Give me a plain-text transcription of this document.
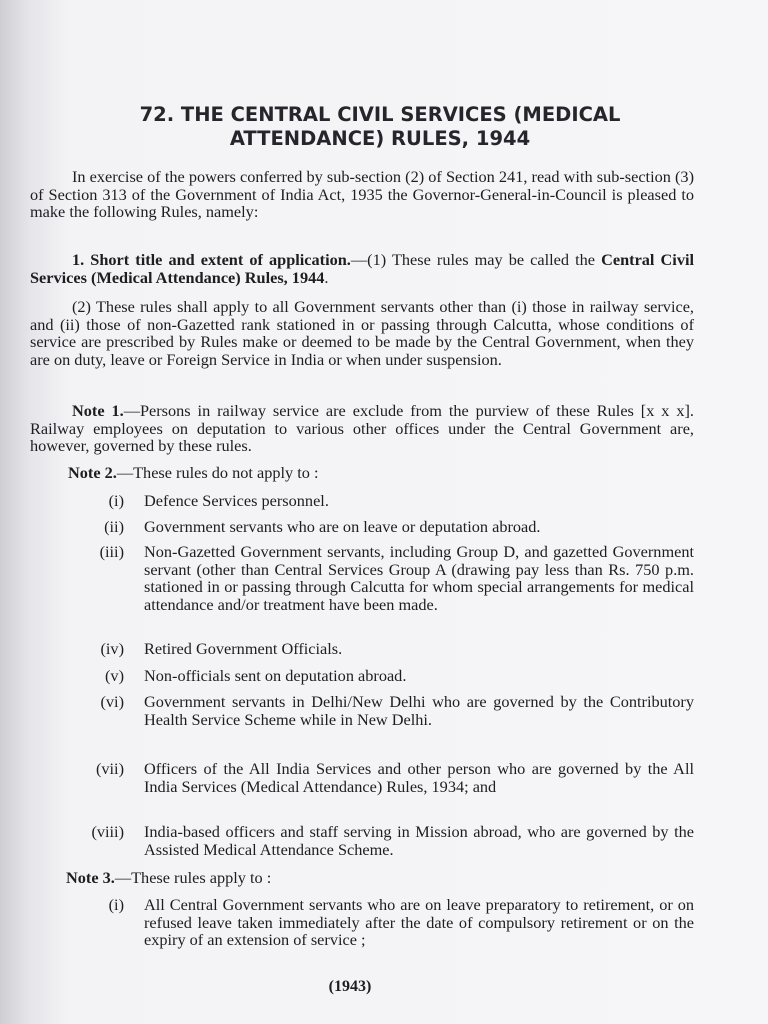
72. THE CENTRAL CIVIL SERVICES (MEDICAL
ATTENDANCE) RULES, 1944

In exercise of the powers conferred by sub-section (2) of Section 241, read with sub-section (3) of Section 313 of the Government of India Act, 1935 the Governor-General-in-Council is pleased to make the following Rules, namely:

1. Short title and extent of application.—(1) These rules may be called the Central Civil Services (Medical Attendance) Rules, 1944.

(2) These rules shall apply to all Government servants other than (i) those in railway service, and (ii) those of non-Gazetted rank stationed in or passing through Calcutta, whose conditions of service are prescribed by Rules make or deemed to be made by the Central Government, when they are on duty, leave or Foreign Service in India or when under suspension.

Note 1.—Persons in railway service are exclude from the purview of these Rules [x x x]. Railway employees on deputation to various other offices under the Central Government are, however, governed by these rules.

Note 2.—These rules do not apply to :

(i) Defence Services personnel.
(ii) Government servants who are on leave or deputation abroad.
(iii) Non-Gazetted Government servants, including Group D, and gazetted Government servant (other than Central Services Group A (drawing pay less than Rs. 750 p.m. stationed in or passing through Calcutta for whom special arrangements for medical attendance and/or treatment have been made.
(iv) Retired Government Officials.
(v) Non-officials sent on deputation abroad.
(vi) Government servants in Delhi/New Delhi who are governed by the Contributory Health Service Scheme while in New Delhi.
(vii) Officers of the All India Services and other person who are governed by the All India Services (Medical Attendance) Rules, 1934; and
(viii) India-based officers and staff serving in Mission abroad, who are governed by the Assisted Medical Attendance Scheme.

Note 3.—These rules apply to :

(i) All Central Government servants who are on leave preparatory to retirement, or on refused leave taken immediately after the date of compulsory retirement or on the expiry of an extension of service ;
(1943)
